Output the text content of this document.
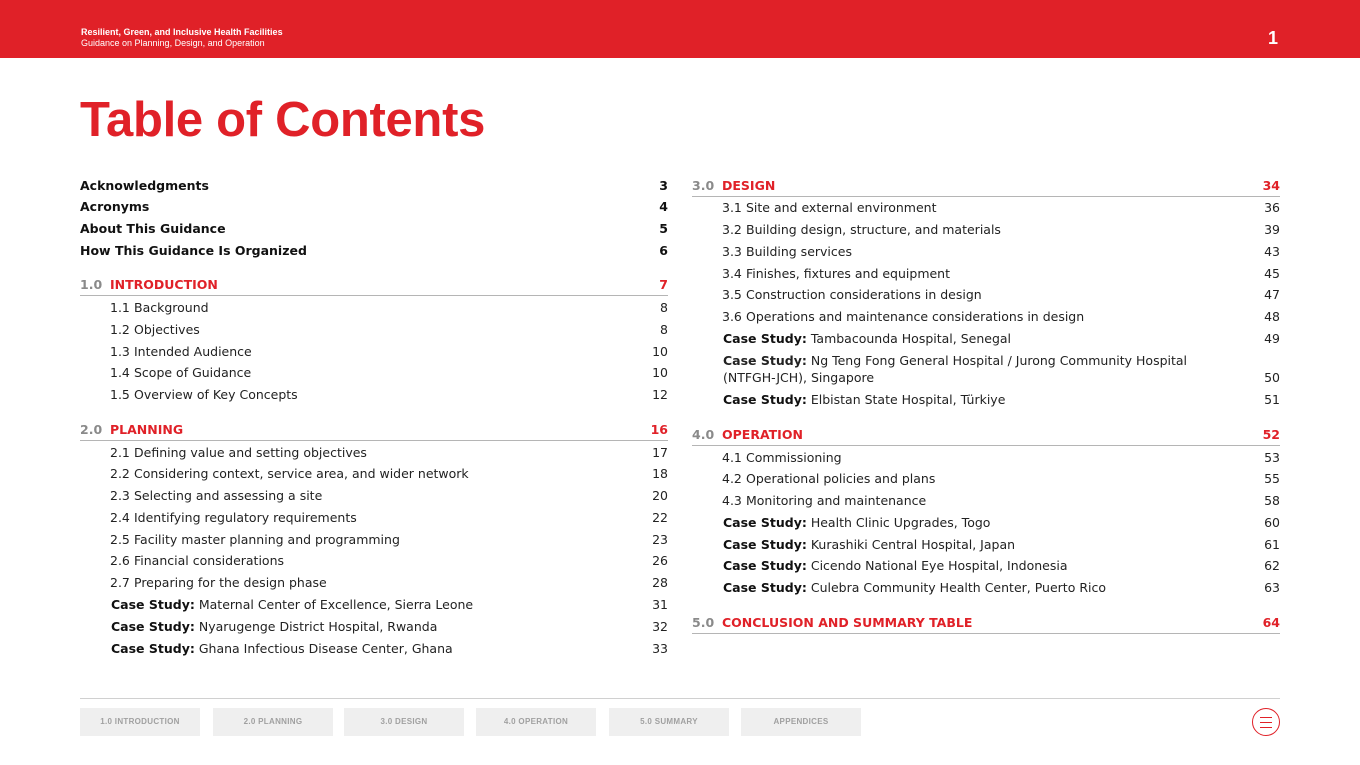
Resilient, Green, and Inclusive Health Facilities
Guidance on Planning, Design, and Operation	1
Table of Contents
Acknowledgments	3
Acronyms	4
About This Guidance	5
How This Guidance Is Organized	6
1.0 INTRODUCTION	7
1.1 Background	8
1.2 Objectives	8
1.3 Intended Audience	10
1.4 Scope of Guidance	10
1.5 Overview of Key Concepts	12
2.0 PLANNING	16
2.1 Defining value and setting objectives	17
2.2 Considering context, service area, and wider network	18
2.3 Selecting and assessing a site	20
2.4 Identifying regulatory requirements	22
2.5 Facility master planning and programming	23
2.6 Financial considerations	26
2.7 Preparing for the design phase	28
Case Study: Maternal Center of Excellence, Sierra Leone	31
Case Study: Nyarugenge District Hospital, Rwanda	32
Case Study: Ghana Infectious Disease Center, Ghana	33
3.0 DESIGN	34
3.1 Site and external environment	36
3.2 Building design, structure, and materials	39
3.3 Building services	43
3.4 Finishes, fixtures and equipment	45
3.5 Construction considerations in design	47
3.6 Operations and maintenance considerations in design	48
Case Study: Tambacounda Hospital, Senegal	49
Case Study: Ng Teng Fong General Hospital / Jurong Community Hospital (NTFGH-JCH), Singapore	50
Case Study: Elbistan State Hospital, Türkiye	51
4.0 OPERATION	52
4.1 Commissioning	53
4.2 Operational policies and plans	55
4.3 Monitoring and maintenance	58
Case Study: Health Clinic Upgrades, Togo	60
Case Study: Kurashiki Central Hospital, Japan	61
Case Study: Cicendo National Eye Hospital, Indonesia	62
Case Study: Culebra Community Health Center, Puerto Rico	63
5.0 CONCLUSION AND SUMMARY TABLE	64
1.0 INTRODUCTION	2.0 PLANNING	3.0 DESIGN	4.0 OPERATION	5.0 SUMMARY	APPENDICES
